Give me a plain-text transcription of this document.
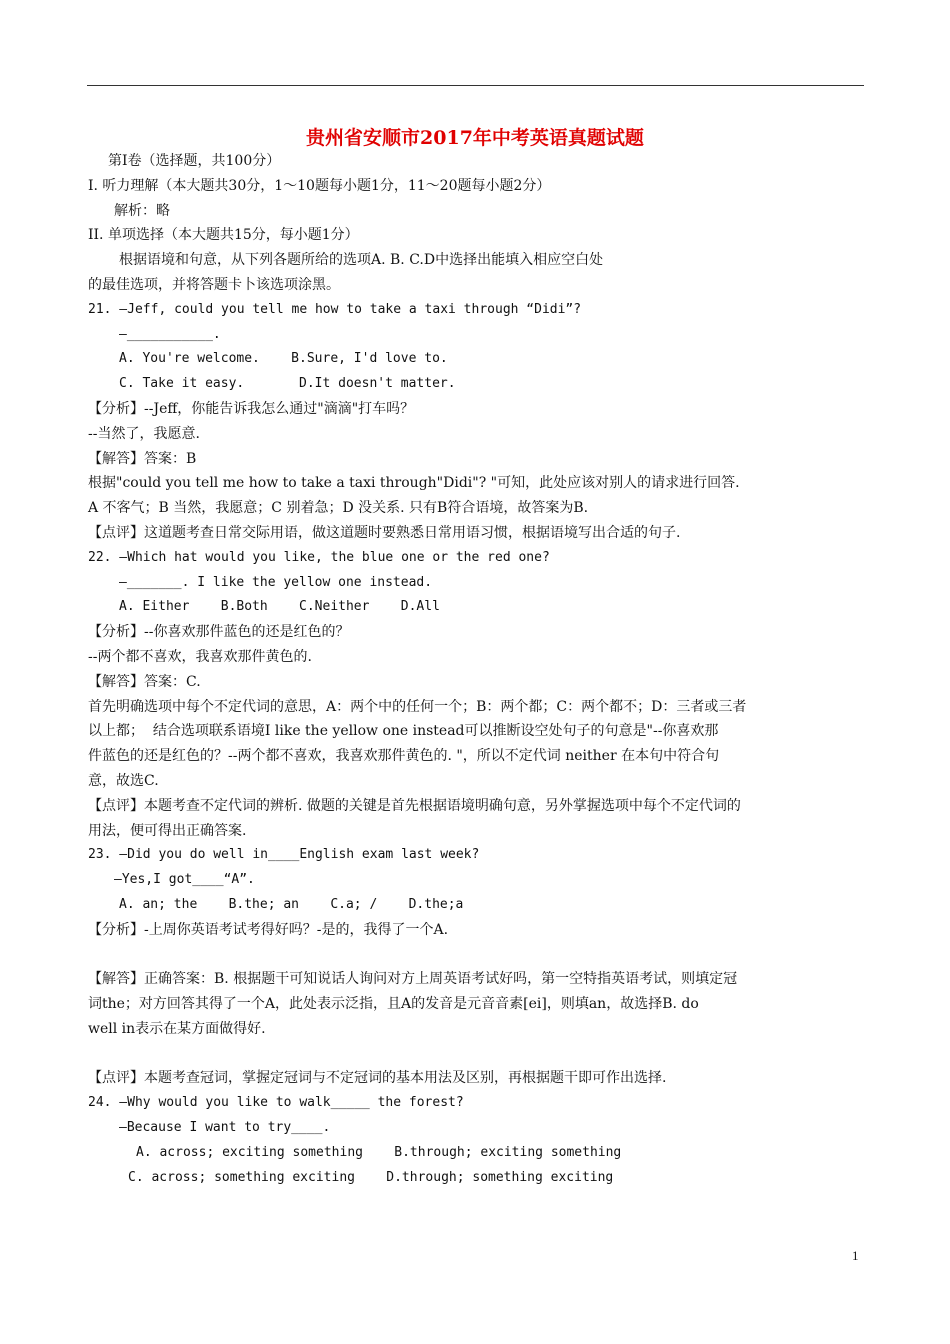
贵州省安顺市2017年中考英语真题试题
第Ⅰ卷（选择题，共100分）
I. 听力理解（本大题共30分，1～10题每小题1分，11～20题每小题2分）
解析：略
II. 单项选择（本大题共15分，每小题1分）
根据语境和句意，从下列各题所给的选项A. B. C.D中选择出能填入相应空白处
的最佳选项，并将答题卡卜该选项涂黑。
21. —Jeff, could you tell me how to take a taxi through “Didi”?
—___________.
A. You're welcome.    B.Sure, I'd love to.
C. Take it easy.       D.It doesn't matter.
【分析】--Jeff，你能告诉我怎么通过"滴滴"打车吗？
--当然了，我愿意.
【解答】答案：B
根据"could you tell me how to take a taxi through"Didi"? "可知，此处应该对别人的请求进行回答.
A 不客气；B 当然，我愿意；C 别着急；D 没关系. 只有B符合语境，故答案为B.
【点评】这道题考查日常交际用语，做这道题时要熟悉日常用语习惯，根据语境写出合适的句子.
22. —Which hat would you like, the blue one or the red one?
—_______. I like the yellow one instead.
A. Either    B.Both    C.Neither    D.All
【分析】--你喜欢那件蓝色的还是红色的？
--两个都不喜欢，我喜欢那件黄色的.
【解答】答案：C.
首先明确选项中每个不定代词的意思，A：两个中的任何一个；B：两个都；C：两个都不；D：三者或三者
以上都；  结合选项联系语境I like the yellow one instead可以推断设空处句子的句意是"--你喜欢那
件蓝色的还是红色的？--两个都不喜欢，我喜欢那件黄色的. "，所以不定代词 neither 在本句中符合句
意，故选C.
【点评】本题考查不定代词的辨析. 做题的关键是首先根据语境明确句意，另外掌握选项中每个不定代词的
用法，便可得出正确答案.
23. —Did you do well in____English exam last week?
—Yes,I got____“A”.
A. an; the    B.the; an    C.a; /    D.the;a
【分析】-上周你英语考试考得好吗？-是的，我得了一个A.
【解答】正确答案：B. 根据题干可知说话人询问对方上周英语考试好吗，第一空特指英语考试，则填定冠
词the；对方回答其得了一个A，此处表示泛指，且A的发音是元音音素[ei]，则填an，故选择B. do
well in表示在某方面做得好.
【点评】本题考查冠词，掌握定冠词与不定冠词的基本用法及区别，再根据题干即可作出选择.
24. —Why would you like to walk_____ the forest?
—Because I want to try____.
A. across; exciting something    B.through; exciting something
C. across; something exciting    D.through; something exciting
1
